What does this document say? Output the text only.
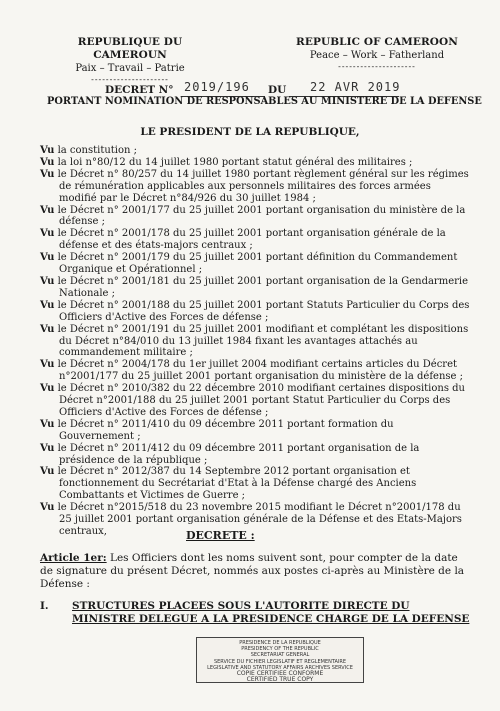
REPUBLIQUE DU CAMEROUN
Paix – Travail – Patrie
---------------------
REPUBLIC OF CAMEROON
Peace – Work – Fatherland
---------------------
DECRET N° 2019/196 DU 22 AVR 2019
PORTANT NOMINATION DE RESPONSABLES AU MINISTERE DE LA DEFENSE
LE PRESIDENT DE LA REPUBLIQUE,

Vu la constitution ;

Vu la loi n°80/12 du 14 juillet 1980 portant statut général des militaires ;

Vu le Décret n° 80/257 du 14 juillet 1980 portant règlement général sur les régimes de rémunération applicables aux personnels militaires des forces armées modifié par le Décret n°84/926 du 30 juillet 1984 ;

Vu le Décret n° 2001/177 du 25 juillet 2001 portant organisation du ministère de la défense ;

Vu le Décret n° 2001/178 du 25 juillet 2001 portant organisation générale de la défense et des états-majors centraux ;

Vu le Décret n° 2001/179 du 25 juillet 2001 portant définition du Commandement Organique et Opérationnel ;

Vu le Décret n° 2001/181 du 25 juillet 2001 portant organisation de la Gendarmerie Nationale ;

Vu le Décret n° 2001/188 du 25 juillet 2001 portant Statuts Particulier du Corps des Officiers d'Active des Forces de défense ;

Vu le Décret n° 2001/191 du 25 juillet 2001 modifiant et complétant les dispositions du Décret n°84/010 du 13 juillet 1984 fixant les avantages attachés au commandement militaire ;

Vu le Décret n° 2004/178 du 1er juillet 2004 modifiant certains articles du Décret n°2001/177 du 25 juillet 2001 portant organisation du ministère de la défense ;

Vu le Décret n° 2010/382 du 22 décembre 2010 modifiant certaines dispositions du Décret n°2001/188 du 25 juillet 2001 portant Statut Particulier du Corps des Officiers d'Active des Forces de défense ;

Vu le Décret n° 2011/410 du 09 décembre 2011 portant formation du Gouvernement ;

Vu le Décret n° 2011/412 du 09 décembre 2011 portant organisation de la présidence de la république ;

Vu le Décret n° 2012/387 du 14 Septembre 2012 portant organisation et fonctionnement du Secrétariat d'Etat à la Défense chargé des Anciens Combattants et Victimes de Guerre ;

Vu le Décret n°2015/518 du 23 novembre 2015 modifiant le Décret n°2001/178 du 25 juillet 2001 portant organisation générale de la Défense et des Etats-Majors centraux,	DECRETE :
Article 1er: Les Officiers dont les noms suivent sont, pour compter de la date de signature du présent Décret, nommés aux postes ci-après au Ministère de la Défense :
I. STRUCTURES PLACEES SOUS L'AUTORITE DIRECTE DU MINISTRE DELEGUE A LA PRESIDENCE CHARGE DE LA DEFENSE
PRESIDENCE DE LA REPUBLIQUE
PRESIDENCY OF THE REPUBLIC
SECRETARIAT GENERAL
SERVICE DU FICHIER LEGISLATIF ET REGLEMENTAIRE
LEGISLATIVE AND STATUTORY AFFAIRS ARCHIVES SERVICE
COPIE CERTIFIEE CONFORME
CERTIFIED TRUE COPY
